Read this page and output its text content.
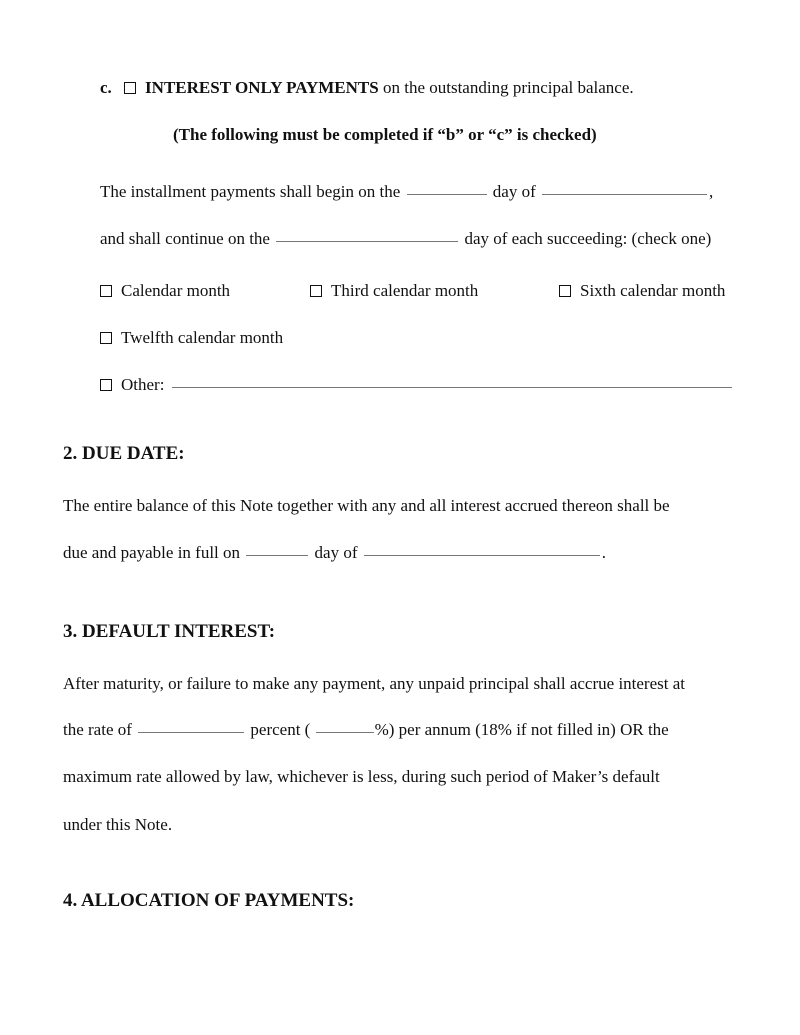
c. INTEREST ONLY PAYMENTS on the outstanding principal balance.
(The following must be completed if “b” or “c” is checked)
The installment payments shall begin on the	day of	,
and shall continue on the	day of each succeeding: (check one)
Calendar month	Third calendar month	Sixth calendar month
Twelfth calendar month
Other:
2. DUE DATE:
The entire balance of this Note together with any and all interest accrued thereon shall be
due and payable in full on	day of	.
3. DEFAULT INTEREST:
After maturity, or failure to make any payment, any unpaid principal shall accrue interest at
the rate of	percent (	%) per annum (18% if not filled in) OR the
maximum rate allowed by law, whichever is less, during such period of Maker’s default
under this Note.
4. ALLOCATION OF PAYMENTS:
